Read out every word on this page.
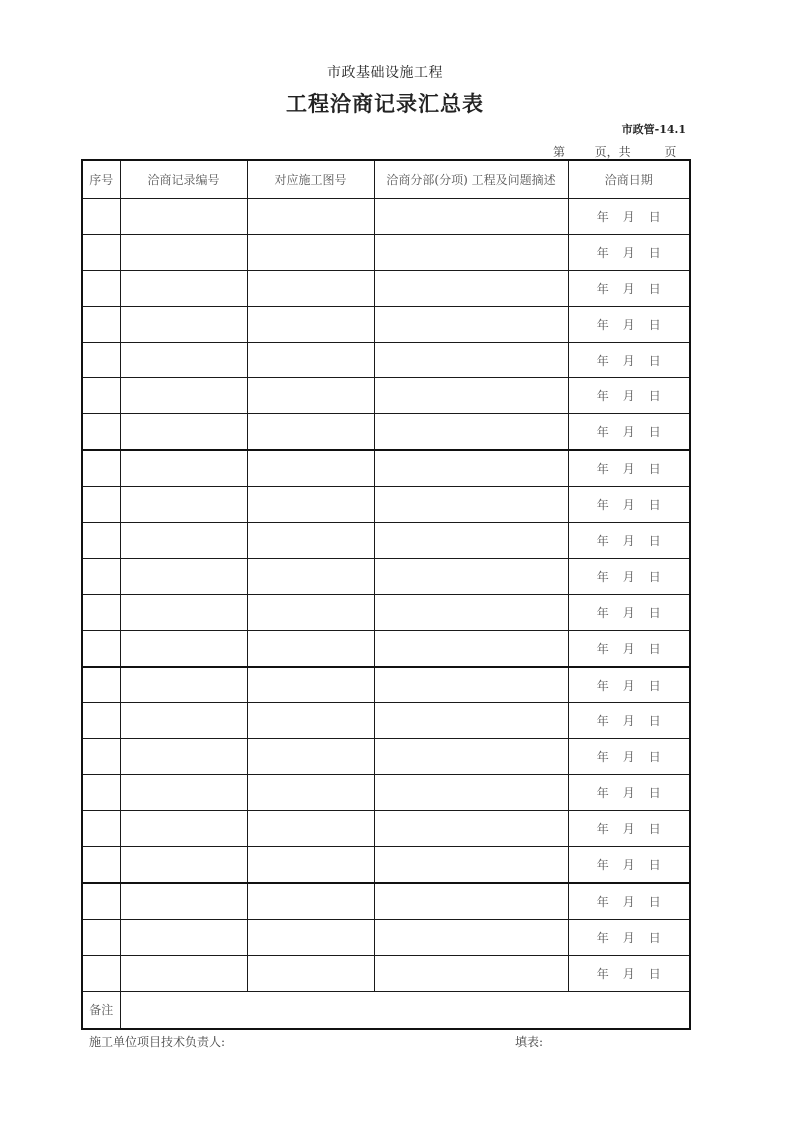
市政基础设施工程
工程洽商记录汇总表
市政管-14.1
第 页，共	页
序号	洽商记录编号	对应施工图号	洽商分部(分项) 工程及问题摘述	洽商日期
				年 月 日
				年 月 日
				年 月 日
				年 月 日
				年 月 日
				年 月 日
				年 月 日
				年 月 日
				年 月 日
				年 月 日
				年 月 日
				年 月 日
				年 月 日
				年 月 日
				年 月 日
				年 月 日
				年 月 日
				年 月 日
				年 月 日
				年 月 日
				年 月 日
				年 月 日
备注				
施工单位项目技术负责人:	填表:
